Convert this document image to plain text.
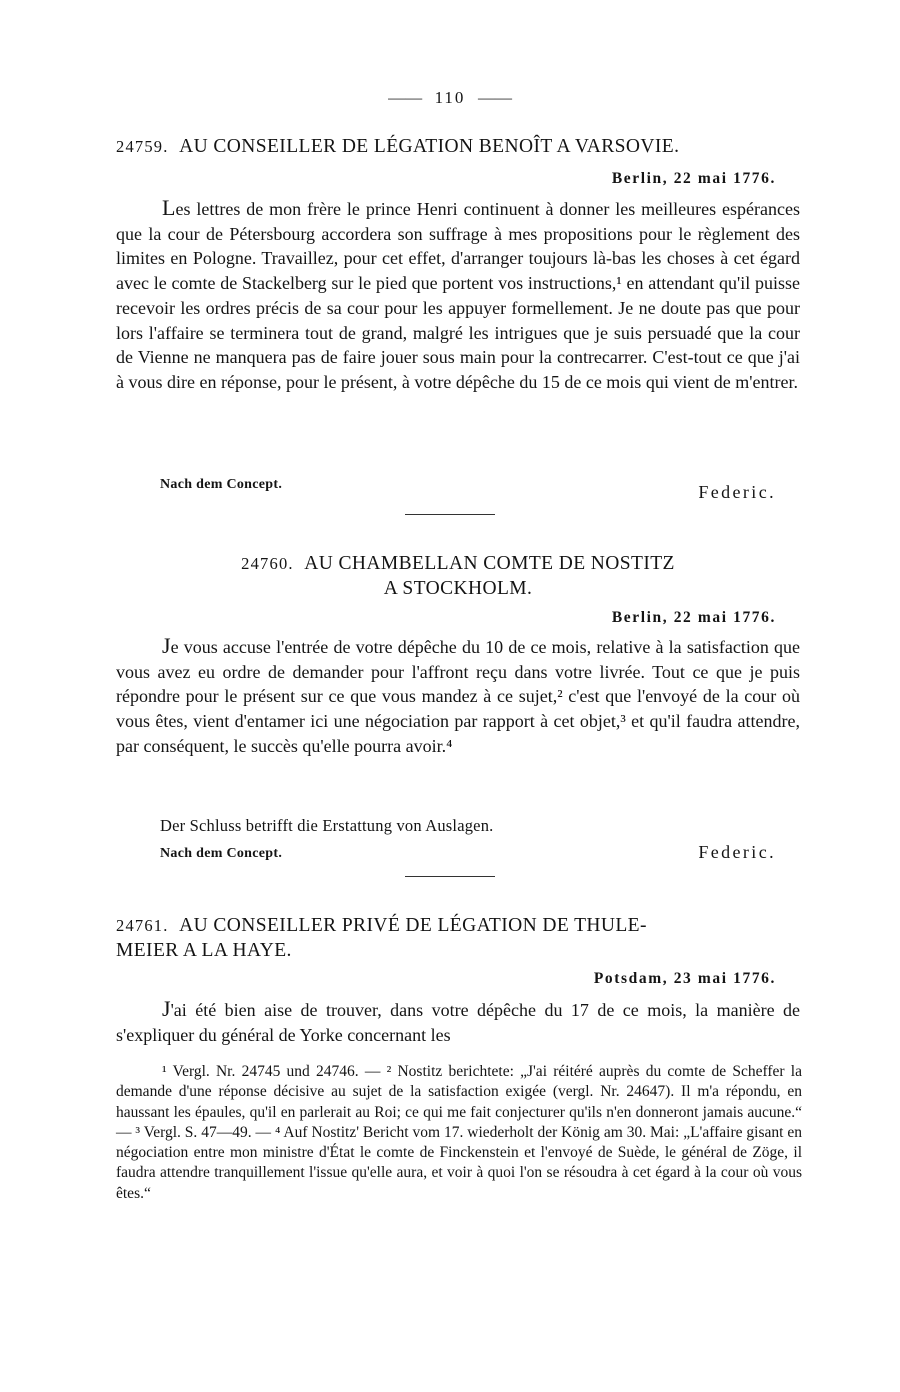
—— 110 ——
24759. AU CONSEILLER DE LÉGATION BENOÎT A VARSOVIE.
Berlin, 22 mai 1776.

Les lettres de mon frère le prince Henri continuent à donner les meilleures espérances que la cour de Pétersbourg accordera son suffrage à mes propositions pour le règlement des limites en Pologne. Travaillez, pour cet effet, d'arranger toujours là-bas les choses à cet égard avec le comte de Stackelberg sur le pied que portent vos instructions,¹ en attendant qu'il puisse recevoir les ordres précis de sa cour pour les appuyer formellement. Je ne doute pas que pour lors l'affaire se terminera tout de grand, malgré les intrigues que je suis persuadé que la cour de Vienne ne manquera pas de faire jouer sous main pour la contrecarrer. C'est-tout ce que j'ai à vous dire en réponse, pour le présent, à votre dépêche du 15 de ce mois qui vient de m'entrer.

Nach dem Concept.	Federic.
24760. AU CHAMBELLAN COMTE DE NOSTITZ
A STOCKHOLM.
Berlin, 22 mai 1776.

Je vous accuse l'entrée de votre dépêche du 10 de ce mois, relative à la satisfaction que vous avez eu ordre de demander pour l'affront reçu dans votre livrée. Tout ce que je puis répondre pour le présent sur ce que vous mandez à ce sujet,² c'est que l'envoyé de la cour où vous êtes, vient d'entamer ici une négociation par rapport à cet objet,³ et qu'il faudra attendre, par conséquent, le succès qu'elle pourra avoir.⁴

Der Schluss betrifft die Erstattung von Auslagen.
Nach dem Concept.	Federic.
24761. AU CONSEILLER PRIVÉ DE LÉGATION DE THULE-
MEIER A LA HAYE.
Potsdam, 23 mai 1776.

J'ai été bien aise de trouver, dans votre dépêche du 17 de ce mois, la manière de s'expliquer du général de Yorke concernant les

¹ Vergl. Nr. 24745 und 24746. — ² Nostitz berichtete: „J'ai réitéré auprès du comte de Scheffer la demande d'une réponse décisive au sujet de la satisfaction exigée (vergl. Nr. 24647). Il m'a répondu, en haussant les épaules, qu'il en parlerait au Roi; ce qui me fait conjecturer qu'ils n'en donneront jamais aucune.“ — ³ Vergl. S. 47—49. — ⁴ Auf Nostitz' Bericht vom 17. wiederholt der König am 30. Mai: „L'affaire gisant en négociation entre mon ministre d'État le comte de Finckenstein et l'envoyé de Suède, le général de Zöge, il faudra attendre tranquillement l'issue qu'elle aura, et voir à quoi l'on se résoudra à cet égard à la cour où vous êtes.“
